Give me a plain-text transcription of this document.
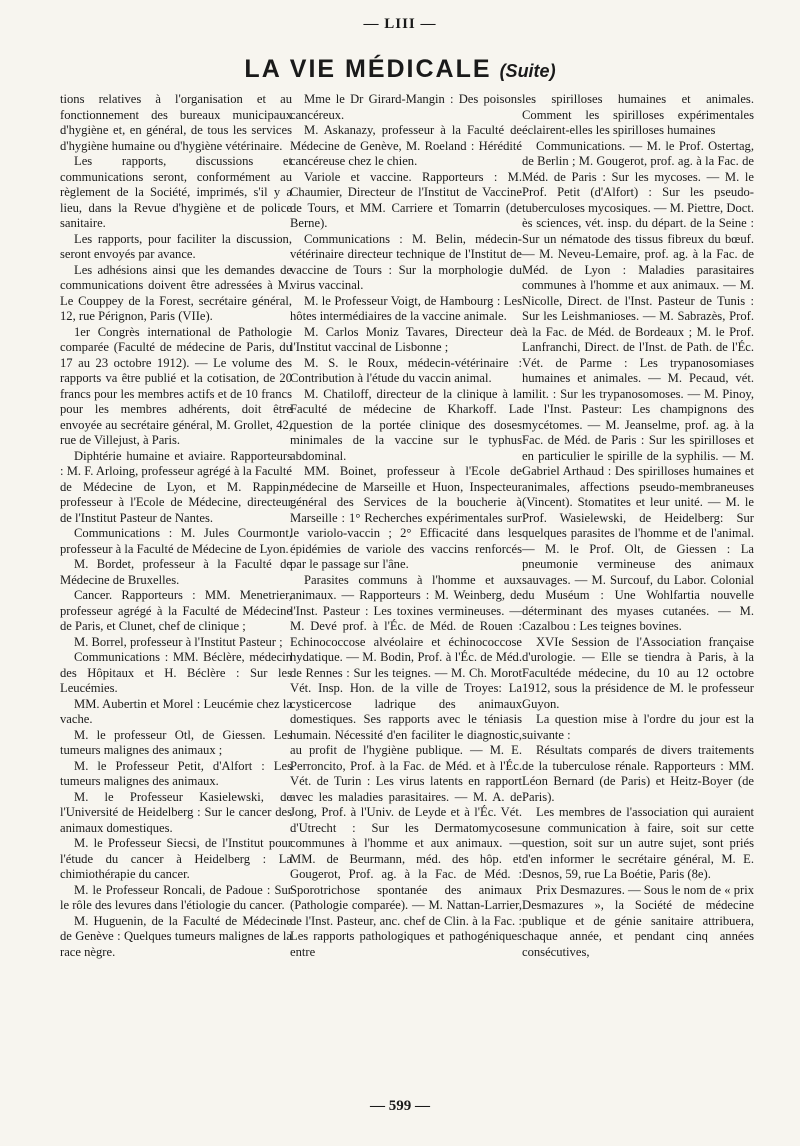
— LIII —
LA VIE MÉDICALE (Suite)

tions relatives à l'organisation et au fonctionnement des bureaux municipaux d'hygiène et, en général, de tous les services d'hygiène humaine ou d'hygiène vétérinaire.

Les rapports, discussions et communications seront, conformément au règlement de la Société, imprimés, s'il y a lieu, dans la Revue d'hygiène et de police sanitaire.

Les rapports, pour faciliter la discussion, seront envoyés par avance.

Les adhésions ainsi que les demandes de communications doivent être adressées à M. Le Couppey de la Forest, secrétaire général, 12, rue Pérignon, Paris (VIIe).

1er Congrès international de Pathologie comparée (Faculté de médecine de Paris, du 17 au 23 octobre 1912). — Le volume des rapports va être publié et la cotisation, de 20 francs pour les membres actifs et de 10 francs pour les membres adhérents, doit être envoyée au secrétaire général, M. Grollet, 42, rue de Villejust, à Paris.

Diphtérie humaine et aviaire. Rapporteurs : M. F. Arloing, professeur agrégé à la Faculté de Médecine de Lyon, et M. Rappin, professeur à l'Ecole de Médecine, directeur de l'Institut Pasteur de Nantes.

Communications : M. Jules Courmont, professeur à la Faculté de Médecine de Lyon.

M. Bordet, professeur à la Faculté de Médecine de Bruxelles.

Cancer. Rapporteurs : MM. Menetrier, professeur agrégé à la Faculté de Médecine de Paris, et Clunet, chef de clinique ;

M. Borrel, professeur à l'Institut Pasteur ;

Communications : MM. Béclère, médecin des Hôpitaux et H. Béclère : Sur les Leucémies.

MM. Aubertin et Morel : Leucémie chez la vache.

M. le professeur Otl, de Giessen. Les tumeurs malignes des animaux ;

M. le Professeur Petit, d'Alfort : Les tumeurs malignes des animaux.

M. le Professeur Kasielewski, de l'Université de Heidelberg : Sur le cancer des animaux domestiques.

M. le Professeur Siecsi, de l'Institut pour l'étude du cancer à Heidelberg : La chimiothérapie du cancer.

M. le Professeur Roncali, de Padoue : Sur le rôle des levures dans l'étiologie du cancer.

M. Huguenin, de la Faculté de Médecine de Genève : Quelques tumeurs malignes de la race nègre.

Mme le Dr Girard-Mangin : Des poisons cancéreux.

M. Askanazy, professeur à la Faculté de Médecine de Genève, M. Roeland : Hérédité cancéreuse chez le chien.

Variole et vaccine. Rapporteurs : M. Chaumier, Directeur de l'Institut de Vaccine de Tours, et MM. Carriere et Tomarrin (de Berne).

Communications : M. Belin, médecin-vétérinaire directeur technique de l'Institut de vaccine de Tours : Sur la morphologie du virus vaccinal.

M. le Professeur Voigt, de Hambourg : Les hôtes intermédiaires de la vaccine animale.

M. Carlos Moniz Tavares, Directeur de l'Institut vaccinal de Lisbonne ;

M. S. le Roux, médecin-vétérinaire : Contribution à l'étude du vaccin animal.

M. Chatiloff, directeur de la clinique à la Faculté de médecine de Kharkoff. La question de la portée clinique des doses minimales de la vaccine sur le typhus abdominal.

MM. Boinet, professeur à l'Ecole de médecine de Marseille et Huon, Inspecteur général des Services de la boucherie à Marseille : 1° Recherches expérimentales sur le variolo-vaccin ; 2° Efficacité dans les épidémies de variole des vaccins renforcés par le passage sur l'âne.

Parasites communs à l'homme et aux animaux. — Rapporteurs : M. Weinberg, de l'Inst. Pasteur : Les toxines vermineuses. — M. Devé prof. à l'Éc. de Méd. de Rouen : Echinococcose alvéolaire et échinococcose hydatique. — M. Bodin, Prof. à l'Éc. de Méd. de Rennes : Sur les teignes. — M. Ch. Morot Vét. Insp. Hon. de la ville de Troyes: La cysticercose ladrique des animaux domestiques. Ses rapports avec le téniasis humain. Nécessité d'en faciliter le diagnostic, au profit de l'hygiène publique. — M. E. Perroncito, Prof. à la Fac. de Méd. et à l'Éc. Vét. de Turin : Les virus latents en rapport avec les maladies parasitaires. — M. A. de Jong, Prof. à l'Univ. de Leyde et à l'Éc. Vét. d'Utrecht : Sur les Dermatomycoses communes à l'homme et aux animaux. — MM. de Beurmann, méd. des hôp. et Gougerot, Prof. ag. à la Fac. de Méd. : Sporotrichose spontanée des animaux (Pathologie comparée). — M. Nattan-Larrier, de l'Inst. Pasteur, anc. chef de Clin. à la Fac. : Les rapports pathologiques et pathogéniques entre

les spirilloses humaines et animales. Comment les spirilloses expérimentales éclairent-elles les spirilloses humaines

Communications. — M. le Prof. Ostertag, de Berlin ; M. Gougerot, prof. ag. à la Fac. de Méd. de Paris : Sur les mycoses. — M. le Prof. Petit (d'Alfort) : Sur les pseudo-tuberculoses mycosiques. — M. Piettre, Doct. ès sciences, vét. insp. du départ. de la Seine : Sur un nématode des tissus fibreux du bœuf. — M. Neveu-Lemaire, prof. ag. à la Fac. de Méd. de Lyon : Maladies parasitaires communes à l'homme et aux animaux. — M. Nicolle, Direct. de l'Inst. Pasteur de Tunis : Sur les Leishmanioses. — M. Sabrazès, Prof. à la Fac. de Méd. de Bordeaux ; M. le Prof. Lanfranchi, Direct. de l'Inst. de Path. de l'Éc. Vét. de Parme : Les trypanosomiases humaines et animales. — M. Pecaud, vét. milit. : Sur les trypanosomoses. — M. Pinoy, de l'Inst. Pasteur: Les champignons des mycétomes. — M. Jeanselme, prof. ag. à la Fac. de Méd. de Paris : Sur les spirilloses et en particulier le spirille de la syphilis. — M. Gabriel Arthaud : Des spirilloses humaines et animales, affections pseudo-membraneuses (Vincent). Stomatites et leur unité. — M. le Prof. Wasielewski, de Heidelberg: Sur quelques parasites de l'homme et de l'animal. — M. le Prof. Olt, de Giessen : La pneumonie vermineuse des animaux sauvages. — M. Surcouf, du Labor. Colonial du Muséum : Une Wohlfartia nouvelle déterminant des myases cutanées. — M. Cazalbou : Les teignes bovines.

XVIe Session de l'Association française d'urologie. — Elle se tiendra à Paris, à la Facultéde médecine, du 10 au 12 octobre 1912, sous la présidence de M. le professeur Guyon.

La question mise à l'ordre du jour est la suivante :

Résultats comparés de divers traitements de la tuberculose rénale. Rapporteurs : MM. Léon Bernard (de Paris) et Heitz-Boyer (de Paris).

Les membres de l'association qui auraient une communication à faire, soit sur cette question, soit sur un autre sujet, sont priés d'en informer le secrétaire général, M. E. Desnos, 59, rue La Boétie, Paris (8e).

Prix Desmazures. — Sous le nom de « prix Desmazures », la Société de médecine publique et de génie sanitaire attribuera, chaque année, et pendant cinq années consécutives,

— 599 —
